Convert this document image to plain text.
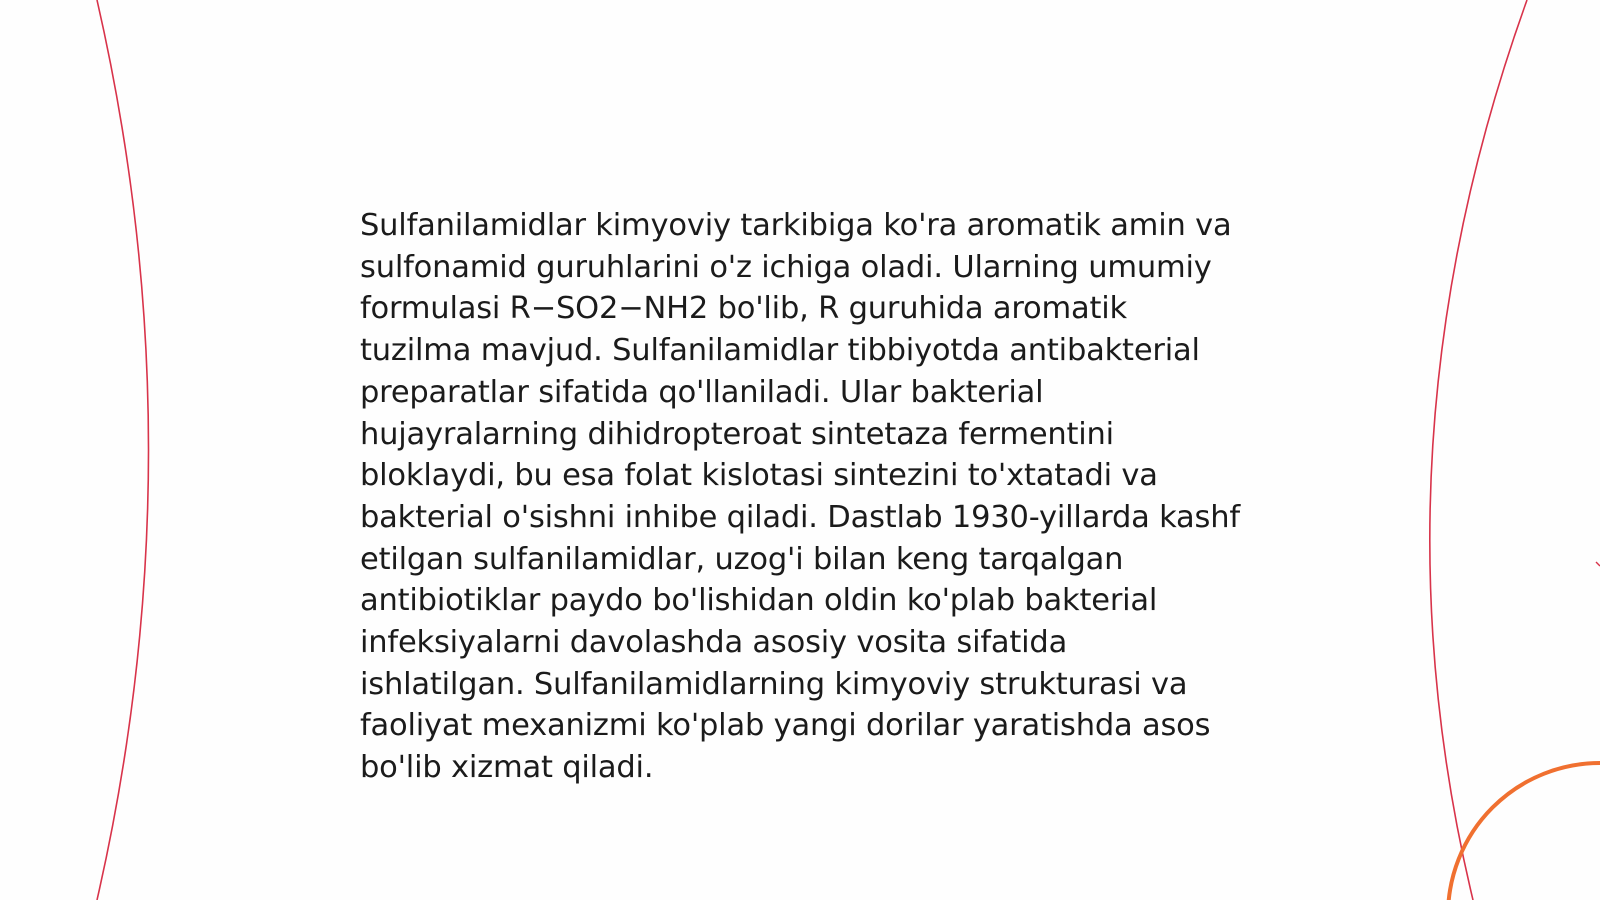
Sulfanilamidlar kimyoviy tarkibiga ko'ra aromatik amin va sulfonamid guruhlarini o'z ichiga oladi. Ularning umumiy formulasi R−SO2−NH2 bo'lib, R guruhida aromatik tuzilma mavjud. Sulfanilamidlar tibbiyotda antibakterial preparatlar sifatida qo'llaniladi. Ular bakterial hujayralarning dihidropteroat sintetaza fermentini bloklaydi, bu esa folat kislotasi sintezini to'xtatadi va bakterial o'sishni inhibe qiladi. Dastlab 1930-yillarda kashf etilgan sulfanilamidlar, uzog'i bilan keng tarqalgan antibiotiklar paydo bo'lishidan oldin ko'plab bakterial infeksiyalarni davolashda asosiy vosita sifatida ishlatilgan. Sulfanilamidlarning kimyoviy strukturasi va faoliyat mexanizmi ko'plab yangi dorilar yaratishda asos bo'lib xizmat qiladi.
